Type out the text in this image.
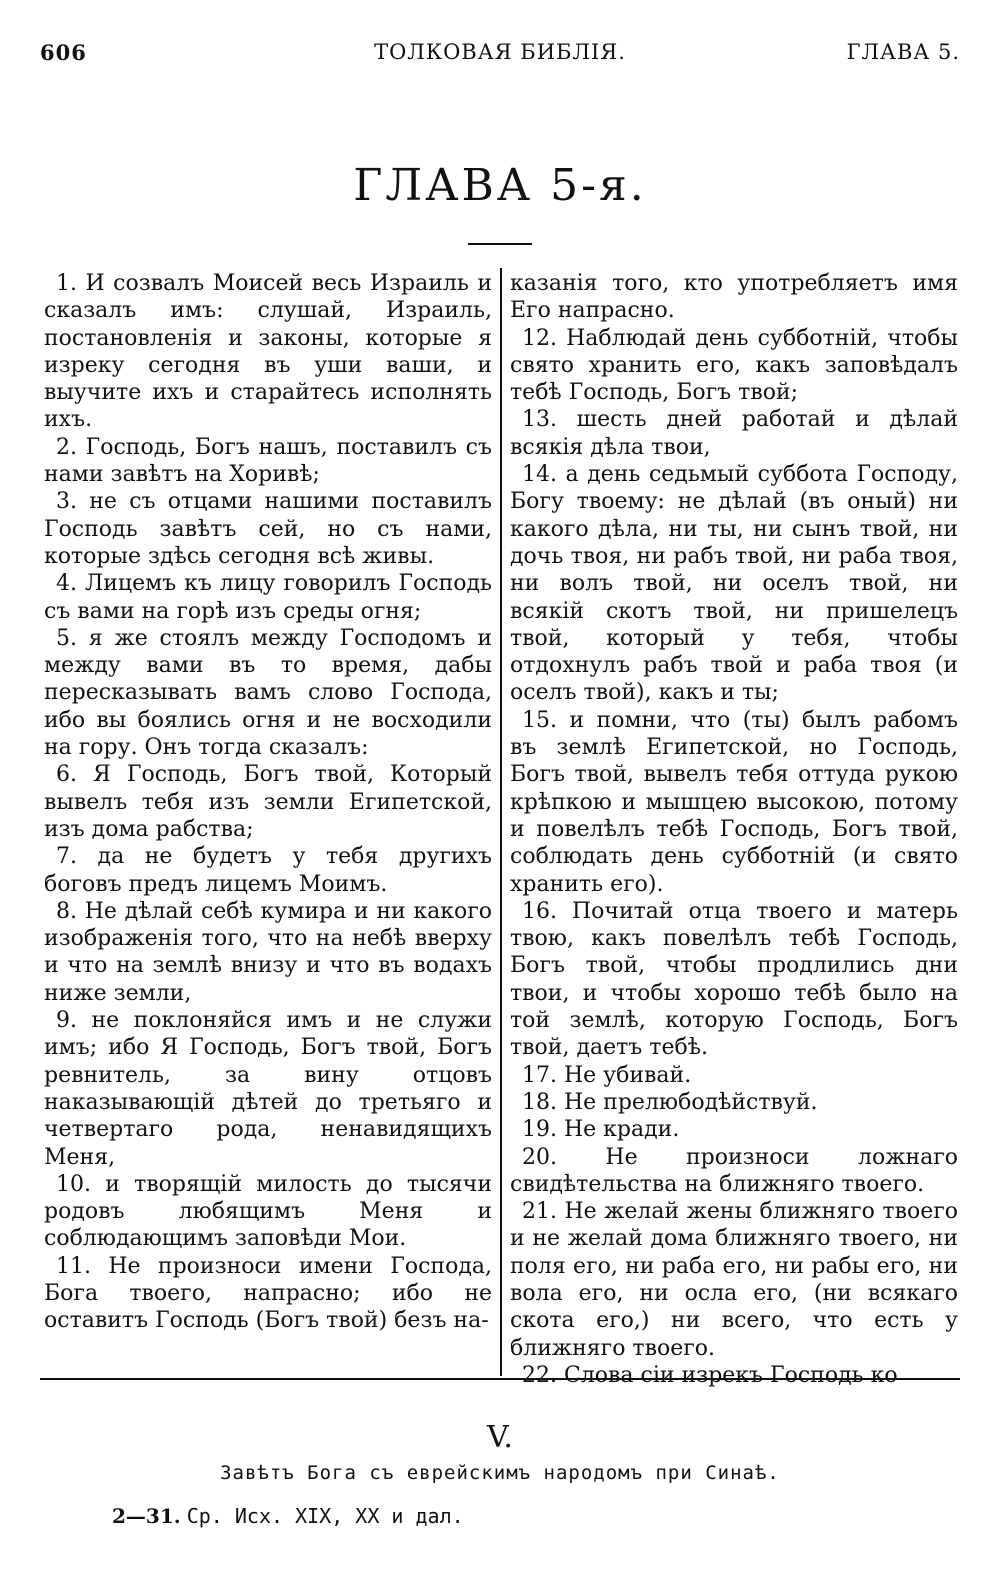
606	ТОЛКОВАЯ БИБЛІЯ.	ГЛАВА 5.
ГЛАВА 5-я.

1. И созвалъ Моисей весь Израиль и сказалъ имъ: слушай, Израиль, постановленія и законы, которые я изреку сегодня въ уши ваши, и выучите ихъ и старайтесь исполнять ихъ.

2. Господь, Богъ нашъ, поставилъ съ нами завѣтъ на Хоривѣ;

3. не съ отцами нашими поставилъ Господь завѣтъ сей, но съ нами, которые здѣсь сегодня всѣ живы.

4. Лицемъ къ лицу говорилъ Господь съ вами на горѣ изъ среды огня;

5. я же стоялъ между Господомъ и между вами въ то время, дабы пересказывать вамъ слово Господа, ибо вы боялись огня и не восходили на гору. Онъ тогда сказалъ:

6. Я Господь, Богъ твой, Который вывелъ тебя изъ земли Египетской, изъ дома рабства;

7. да не будетъ у тебя другихъ боговъ предъ лицемъ Моимъ.

8. Не дѣлай себѣ кумира и ни какого изображенія того, что на небѣ вверху и что на землѣ внизу и что въ водахъ ниже земли,

9. не поклоняйся имъ и не служи имъ; ибо Я Господь, Богъ твой, Богъ ревнитель, за вину отцовъ наказывающій дѣтей до третьяго и четвертаго рода, ненавидящихъ Меня,

10. и творящій милость до тысячи родовъ любящимъ Меня и соблюдающимъ заповѣди Мои.

11. Не произноси имени Господа, Бога твоего, напрасно; ибо не оставитъ Господь (Богъ твой) безъ на-

казанія того, кто употребляетъ имя Его напрасно.

12. Наблюдай день субботній, чтобы свято хранить его, какъ заповѣдалъ тебѣ Господь, Богъ твой;

13. шесть дней работай и дѣлай всякія дѣла твои,

14. а день седьмый суббота Господу, Богу твоему: не дѣлай (въ оный) ни какого дѣла, ни ты, ни сынъ твой, ни дочь твоя, ни рабъ твой, ни раба твоя, ни волъ твой, ни оселъ твой, ни всякій скотъ твой, ни пришелецъ твой, который у тебя, чтобы отдохнулъ рабъ твой и раба твоя (и оселъ твой), какъ и ты;

15. и помни, что (ты) былъ рабомъ въ землѣ Египетской, но Господь, Богъ твой, вывелъ тебя оттуда рукою крѣпкою и мышцею высокою, потому и повелѣлъ тебѣ Господь, Богъ твой, соблюдать день субботній (и свято хранить его).

16. Почитай отца твоего и матерь твою, какъ повелѣлъ тебѣ Господь, Богъ твой, чтобы продлились дни твои, и чтобы хорошо тебѣ было на той землѣ, которую Господь, Богъ твой, даетъ тебѣ.

17. Не убивай.

18. Не прелюбодѣйствуй.

19. Не кради.

20. Не произноси ложнаго свидѣтельства на ближняго твоего.

21. Не желай жены ближняго твоего и не желай дома ближняго твоего, ни поля его, ни раба его, ни рабы его, ни вола его, ни осла его, (ни всякаго скота его,) ни всего, что есть у ближняго твоего.

22. Слова сіи изрекъ Господь ко

V.
Завѣтъ Бога съ еврейскимъ народомъ при Синаѣ.
2—31. Ср. Исх. XIX, XX и дал.
